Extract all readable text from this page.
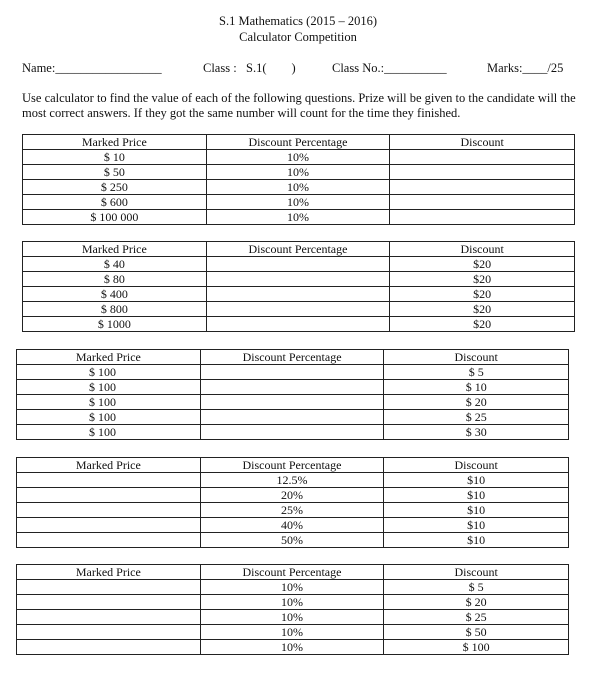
S.1 Mathematics (2015 – 2016)
Calculator Competition
Name:_________________	Class :   S.1(        )	Class No.:__________	Marks:____/25
Use calculator to find the value of each of the following questions. Prize will be given to the candidate will the most correct answers. If they got the same number will count for the time they finished.
Marked Price	Discount Percentage	Discount
$ 10	10%	
$ 50	10%	
$ 250	10%	
$ 600	10%	
$ 100 000	10%	
Marked Price	Discount Percentage	Discount
$ 40		$20
$ 80		$20
$ 400		$20
$ 800		$20
$ 1000		$20
Marked Price	Discount Percentage	Discount
$ 100		$ 5
$ 100		$ 10
$ 100		$ 20
$ 100		$ 25
$ 100		$ 30
Marked Price	Discount Percentage	Discount
	12.5%	$10
	20%	$10
	25%	$10
	40%	$10
	50%	$10
Marked Price	Discount Percentage	Discount
	10%	$ 5
	10%	$ 20
	10%	$ 25
	10%	$ 50
	10%	$ 100
